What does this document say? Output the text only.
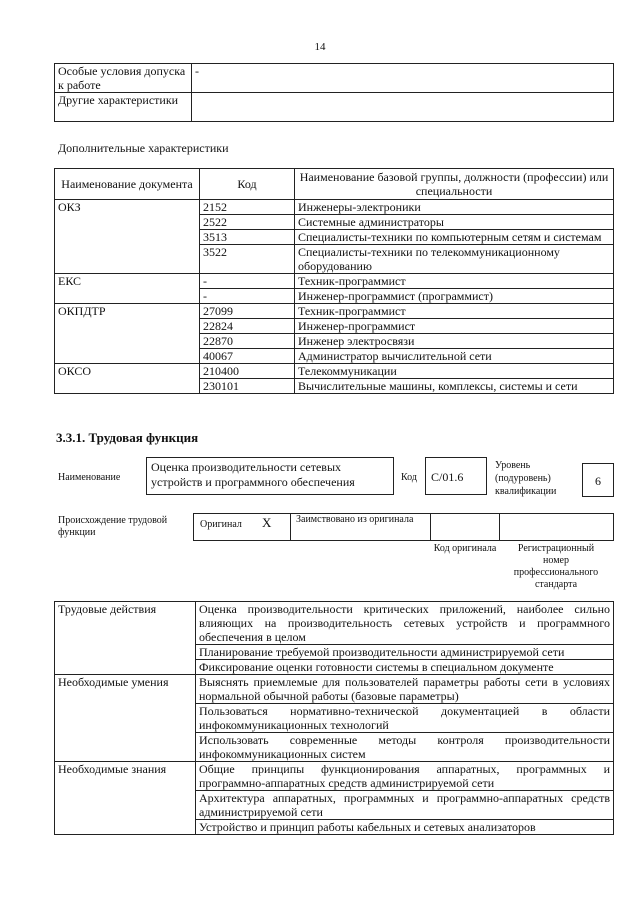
14
Особые условия допуска к работе	-
Другие характеристики	
Дополнительные характеристики
Наименование документа	Код	Наименование базовой группы, должности (профессии) или специальности
ОКЗ	2152	Инженеры-электроники
	2522	Системные администраторы
	3513	Специалисты-техники по компьютерным сетям и системам
	3522	Специалисты-техники по телекоммуникационному оборудованию
ЕКС	-	Техник-программист
	-	Инженер-программист (программист)
ОКПДТР	27099	Техник-программист
	22824	Инженер-программист
	22870	Инженер электросвязи
	40067	Администратор вычислительной сети
ОКСО	210400	Телекоммуникации
	230101	Вычислительные машины, комплексы, системы и сети
3.3.1. Трудовая функция
Наименование
Оценка производительности сетевых устройств и программного обеспечения	Код	C/01.6
Уровень (подуровень) квалификации
6
Происхождение трудовой функции
Оригинал X Заимствовано из оригинала
Код оригинала	Регистрационный номер профессионального стандарта
Трудовые действия	Оценка производительности критических приложений, наиболее сильно влияющих на производительность сетевых устройств и программного обеспечения в целом
	Планирование требуемой производительности администрируемой сети
	Фиксирование оценки готовности системы в специальном документе
Необходимые умения	Выяснять приемлемые для пользователей параметры работы сети в условиях нормальной обычной работы (базовые параметры)
	Пользоваться нормативно-технической документацией в области инфокоммуникационных технологий
	Использовать современные методы контроля производительности инфокоммуникационных систем
Необходимые знания	Общие принципы функционирования аппаратных, программных и программно-аппаратных средств администрируемой сети
	Архитектура аппаратных, программных и программно-аппаратных средств администрируемой сети
	Устройство и принцип работы кабельных и сетевых анализаторов
